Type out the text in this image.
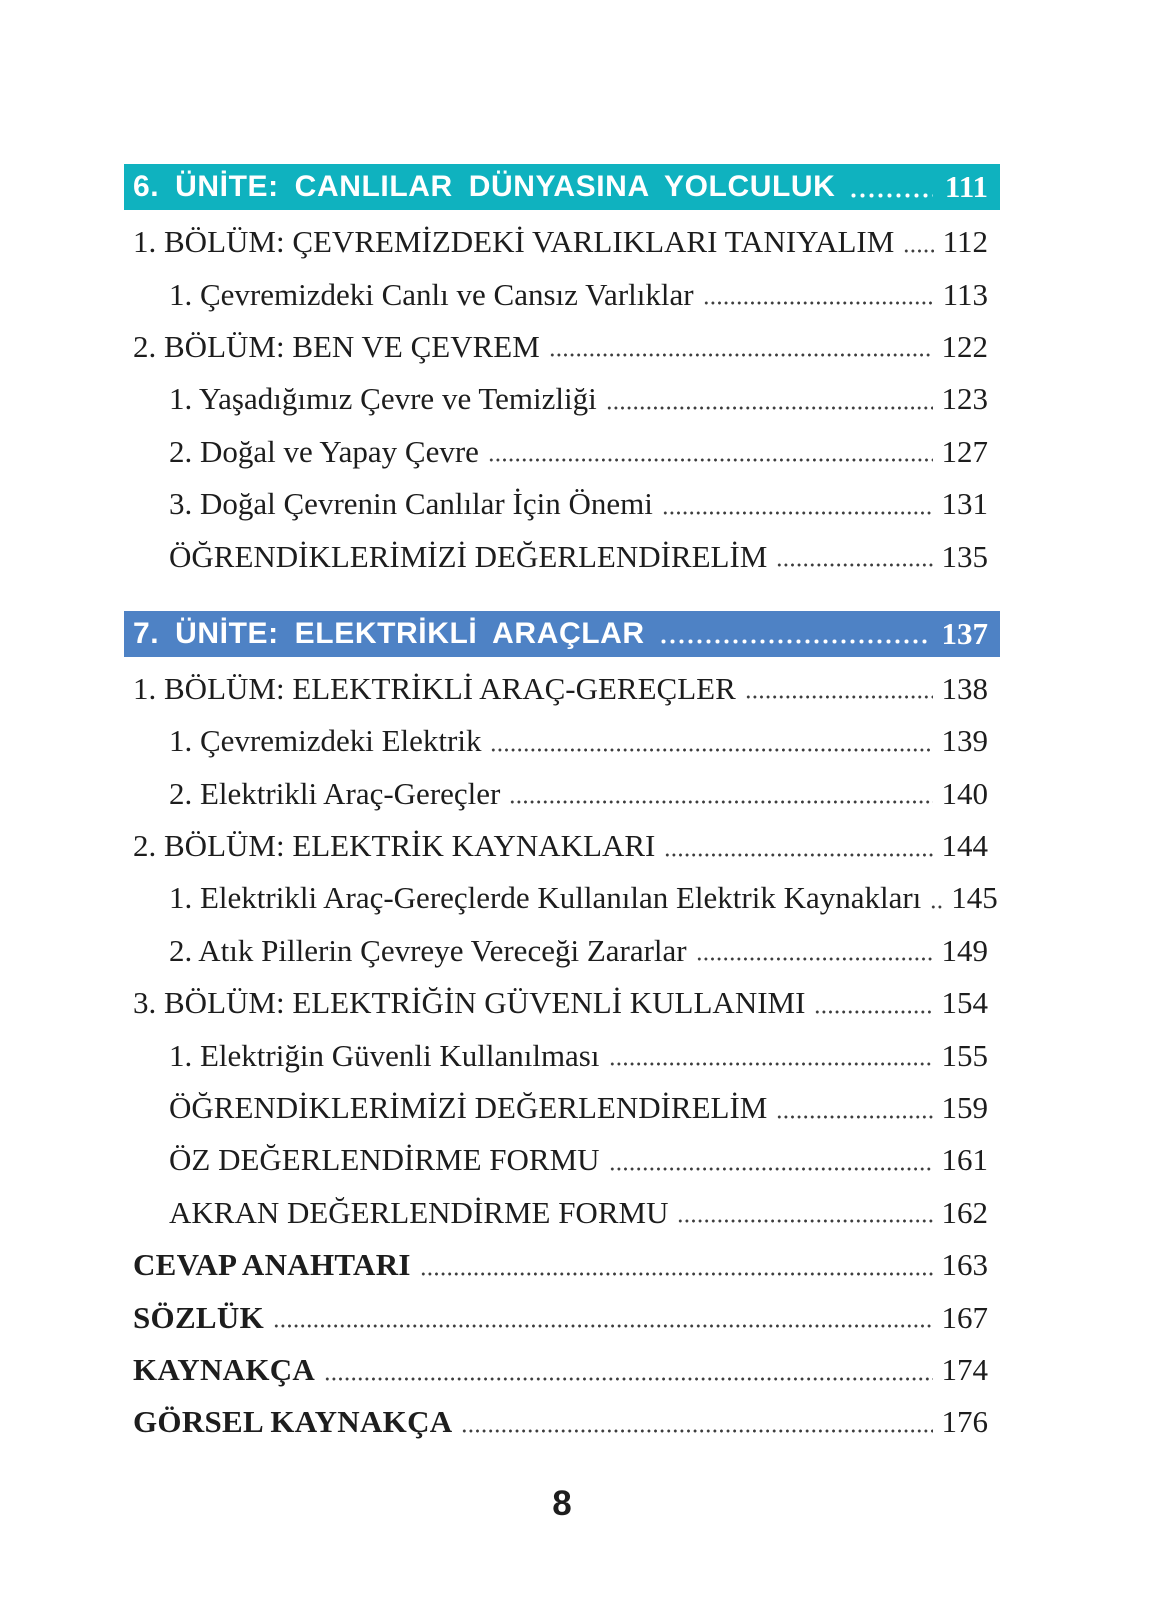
6. ÜNİTE: CANLILAR DÜNYASINA YOLCULUK	111
1. BÖLÜM: ÇEVREMİZDEKİ VARLIKLARI TANIYALIM 112
1. Çevremizdeki Canlı ve Cansız Varlıklar	113
2. BÖLÜM: BEN VE ÇEVREM	122
1. Yaşadığımız Çevre ve Temizliği	123
2. Doğal ve Yapay Çevre	127
3. Doğal Çevrenin Canlılar İçin Önemi	131
ÖĞRENDİKLERİMİZİ DEĞERLENDİRELİM	135
7. ÜNİTE: ELEKTRİKLİ ARAÇLAR	137
1. BÖLÜM: ELEKTRİKLİ ARAÇ-GEREÇLER	138
1. Çevremizdeki Elektrik	139
2. Elektrikli Araç-Gereçler	140
2. BÖLÜM: ELEKTRİK KAYNAKLARI	144
1. Elektrikli Araç-Gereçlerde Kullanılan Elektrik Kaynakları 145
2. Atık Pillerin Çevreye Vereceği Zararlar	149
3. BÖLÜM: ELEKTRİĞİN GÜVENLİ KULLANIMI	154
1. Elektriğin Güvenli Kullanılması	155
ÖĞRENDİKLERİMİZİ DEĞERLENDİRELİM	159
ÖZ DEĞERLENDİRME FORMU	161
AKRAN DEĞERLENDİRME FORMU	162
CEVAP ANAHTARI	163
SÖZLÜK	167
KAYNAKÇA	174
GÖRSEL KAYNAKÇA	176
8
